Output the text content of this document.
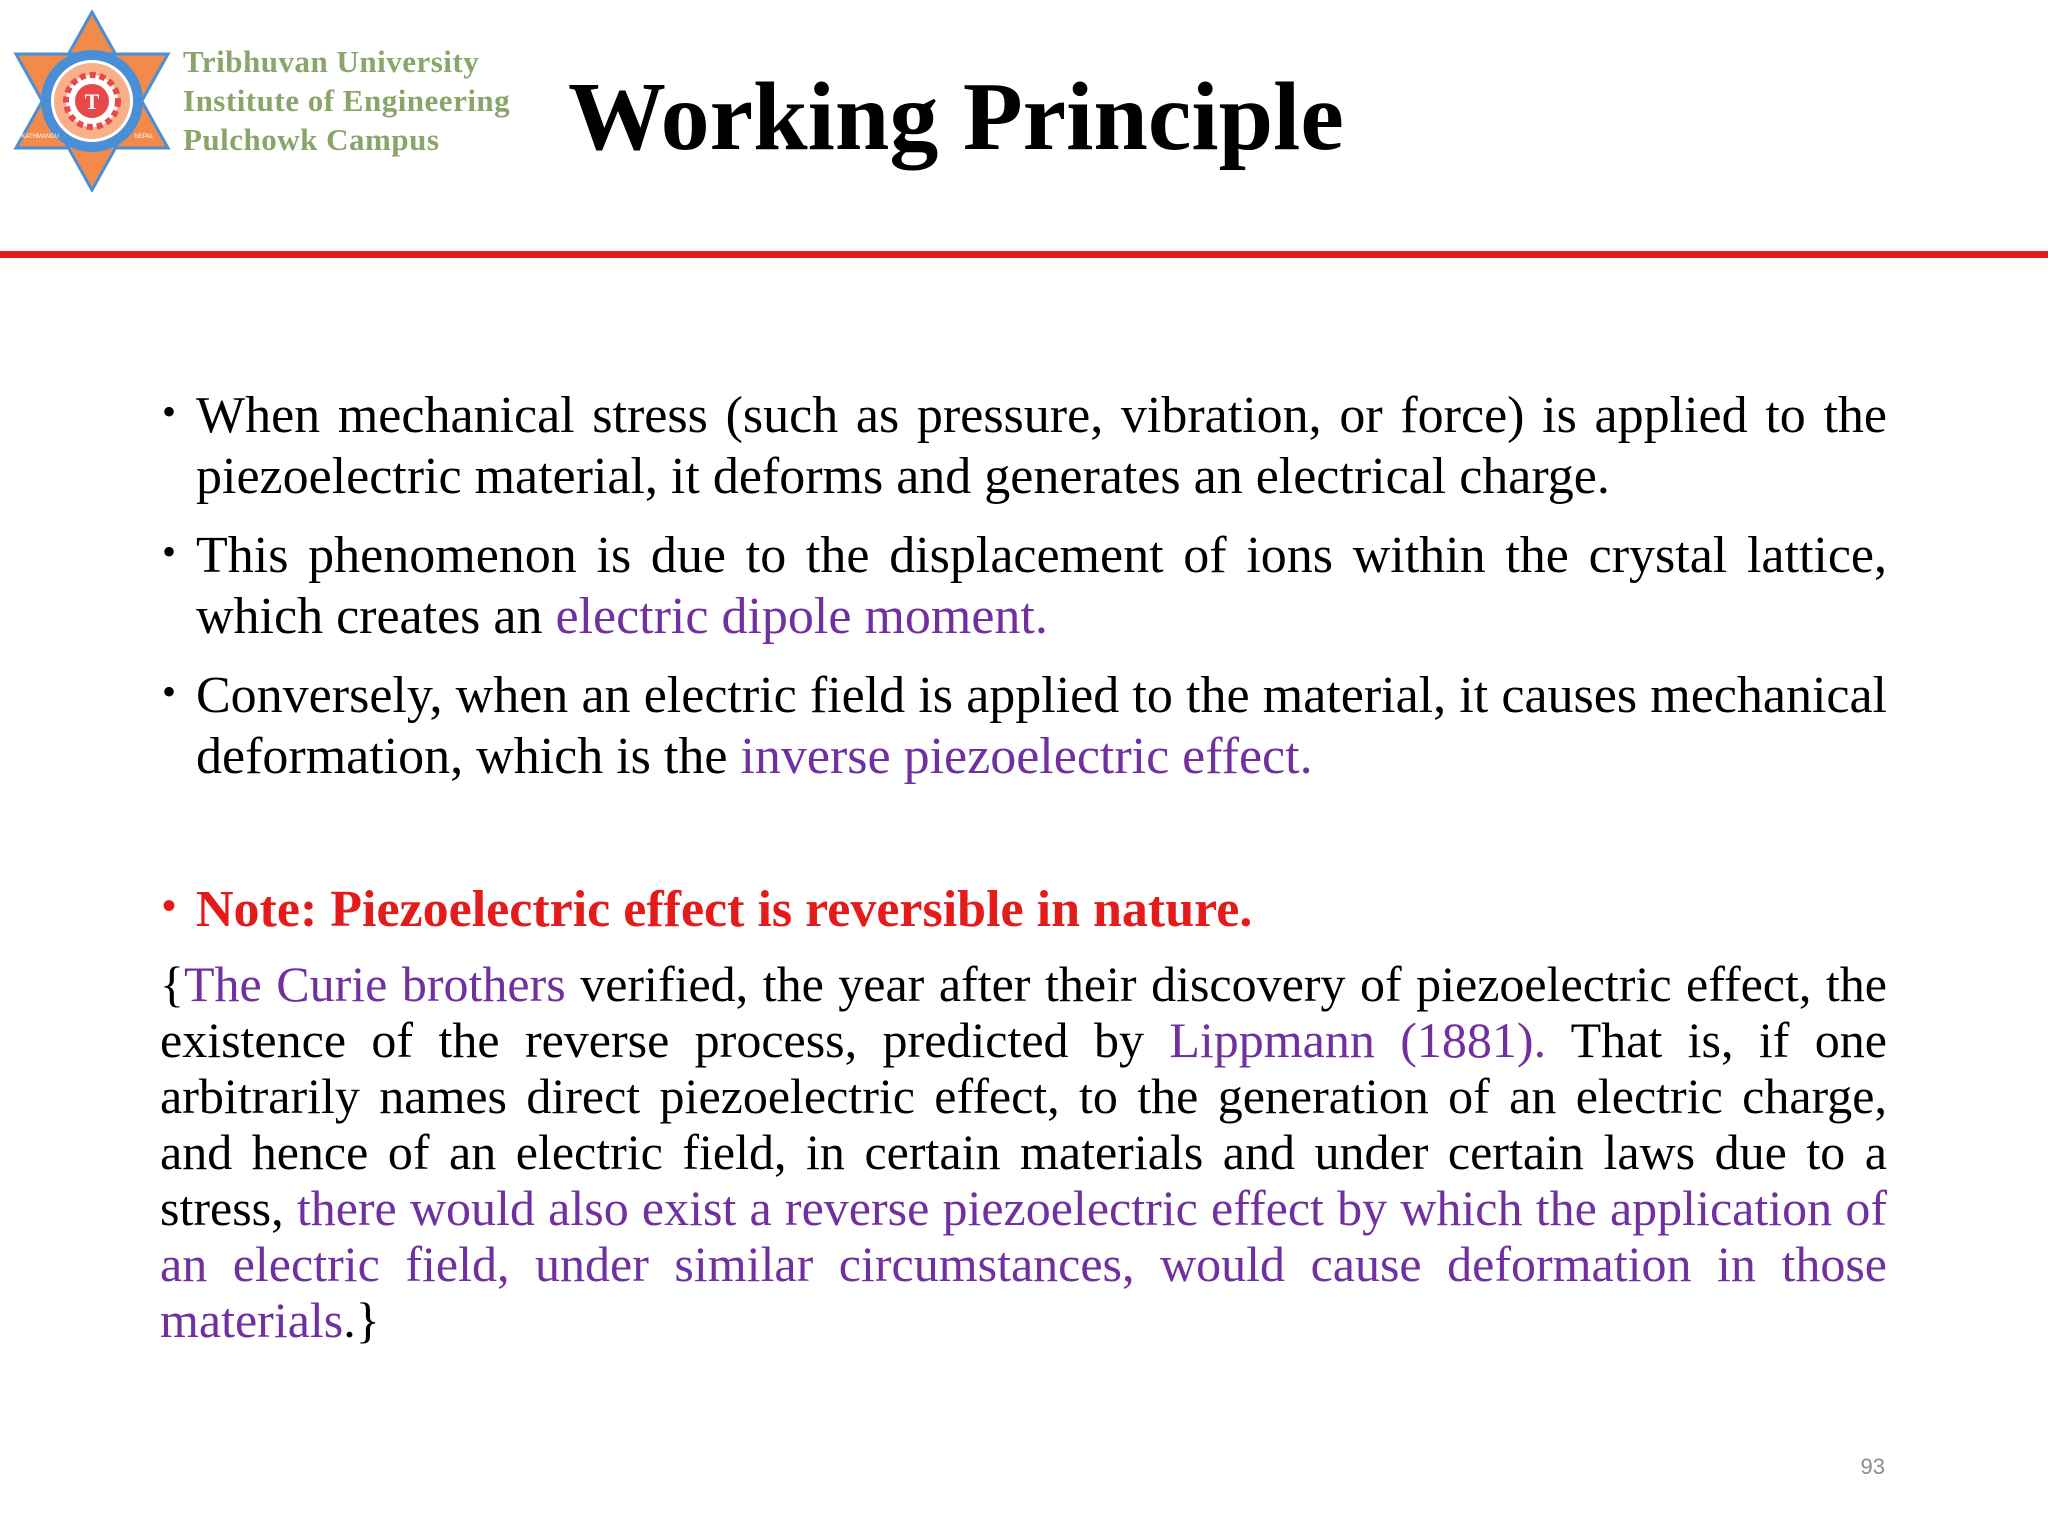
T
KATHMANDU	NEPAL
Tribhuvan University
Institute of Engineering
Pulchowk Campus	Working Principle
• When mechanical stress (such as pressure, vibration, or force) is applied to the piezoelectric material, it deforms and generates an electrical charge.
• This phenomenon is due to the displacement of ions within the crystal lattice, which creates an electric dipole moment.
• Conversely, when an electric field is applied to the material, it causes mechanical deformation, which is the inverse piezoelectric effect.
• Note: Piezoelectric effect is reversible in nature.
{The Curie brothers verified, the year after their discovery of piezoelectric effect, the existence of the reverse process, predicted by Lippmann (1881). That is, if one arbitrarily names direct piezoelectric effect, to the generation of an electric charge, and hence of an electric field, in certain materials and under certain laws due to a stress, there would also exist a reverse piezoelectric effect by which the application of an electric field, under similar circumstances, would cause deformation in those materials.}
93
